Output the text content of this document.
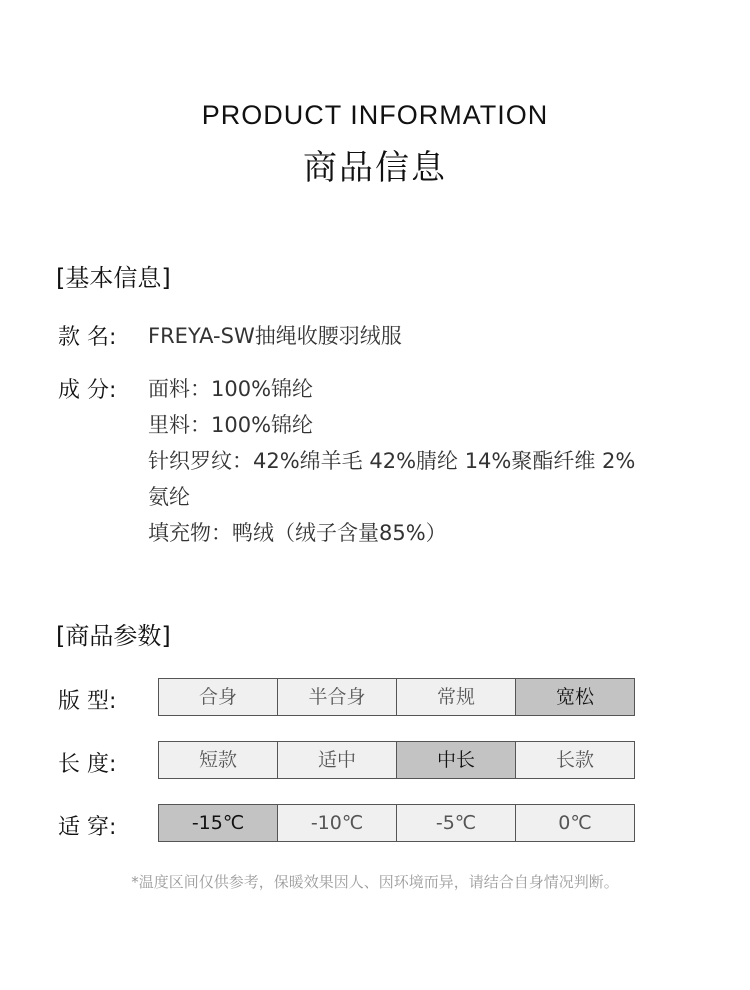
PRODUCT INFORMATION
商品信息
[基本信息]
款 名:	FREYA-SW抽绳收腰羽绒服
成 分:	面料：100%锦纶
里料：100%锦纶
针织罗纹：42%绵羊毛 42%腈纶 14%聚酯纤维 2%
氨纶
填充物：鸭绒（绒子含量85%）
[商品参数]
版 型:	合身	半合身	常规	宽松
长 度:	短款	适中	中长	长款
适 穿:	-15℃	-10℃	-5℃	0℃
*温度区间仅供参考，保暖效果因人、因环境而异，请结合自身情况判断。
